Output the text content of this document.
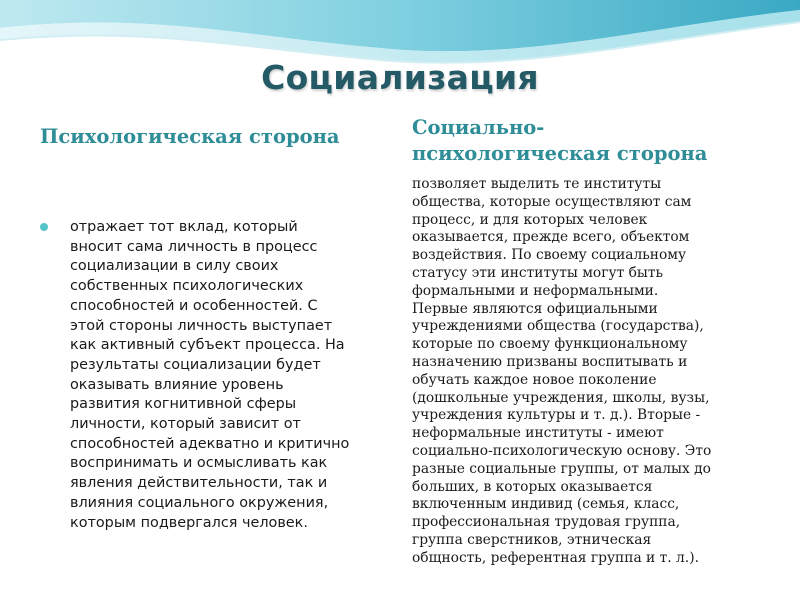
Социализация
Психологическая сторона	Социально-
психологическая сторона
отражает тот вклад, который
вносит сама личность в процесс
социализации в силу своих
собственных психологических
способностей и особенностей. С
этой стороны личность выступает
как активный субъект процесса. На
результаты социализации будет
оказывать влияние уровень
развития когнитивной сферы
личности, который зависит от
способностей адекватно и критично
воспринимать и осмысливать как
явления действительности, так и
влияния социального окружения,
которым подвергался человек.
позволяет выделить те институты
общества, которые осуществляют сам
процесс, и для которых человек
оказывается, прежде всего, объектом
воздействия. По своему социальному
статусу эти институты могут быть
формальными и неформальными.
Первые являются официальными
учреждениями общества (государства),
которые по своему функциональному
назначению призваны воспитывать и
обучать каждое новое поколение
(дошкольные учреждения, школы, вузы,
учреждения культуры и т. д.). Вторые -
неформальные институты - имеют
социально-психологическую основу. Это
разные социальные группы, от малых до
больших, в которых оказывается
включенным индивид (семья, класс,
профессиональная трудовая группа,
группа сверстников, этническая
общность, референтная группа и т. л.).
